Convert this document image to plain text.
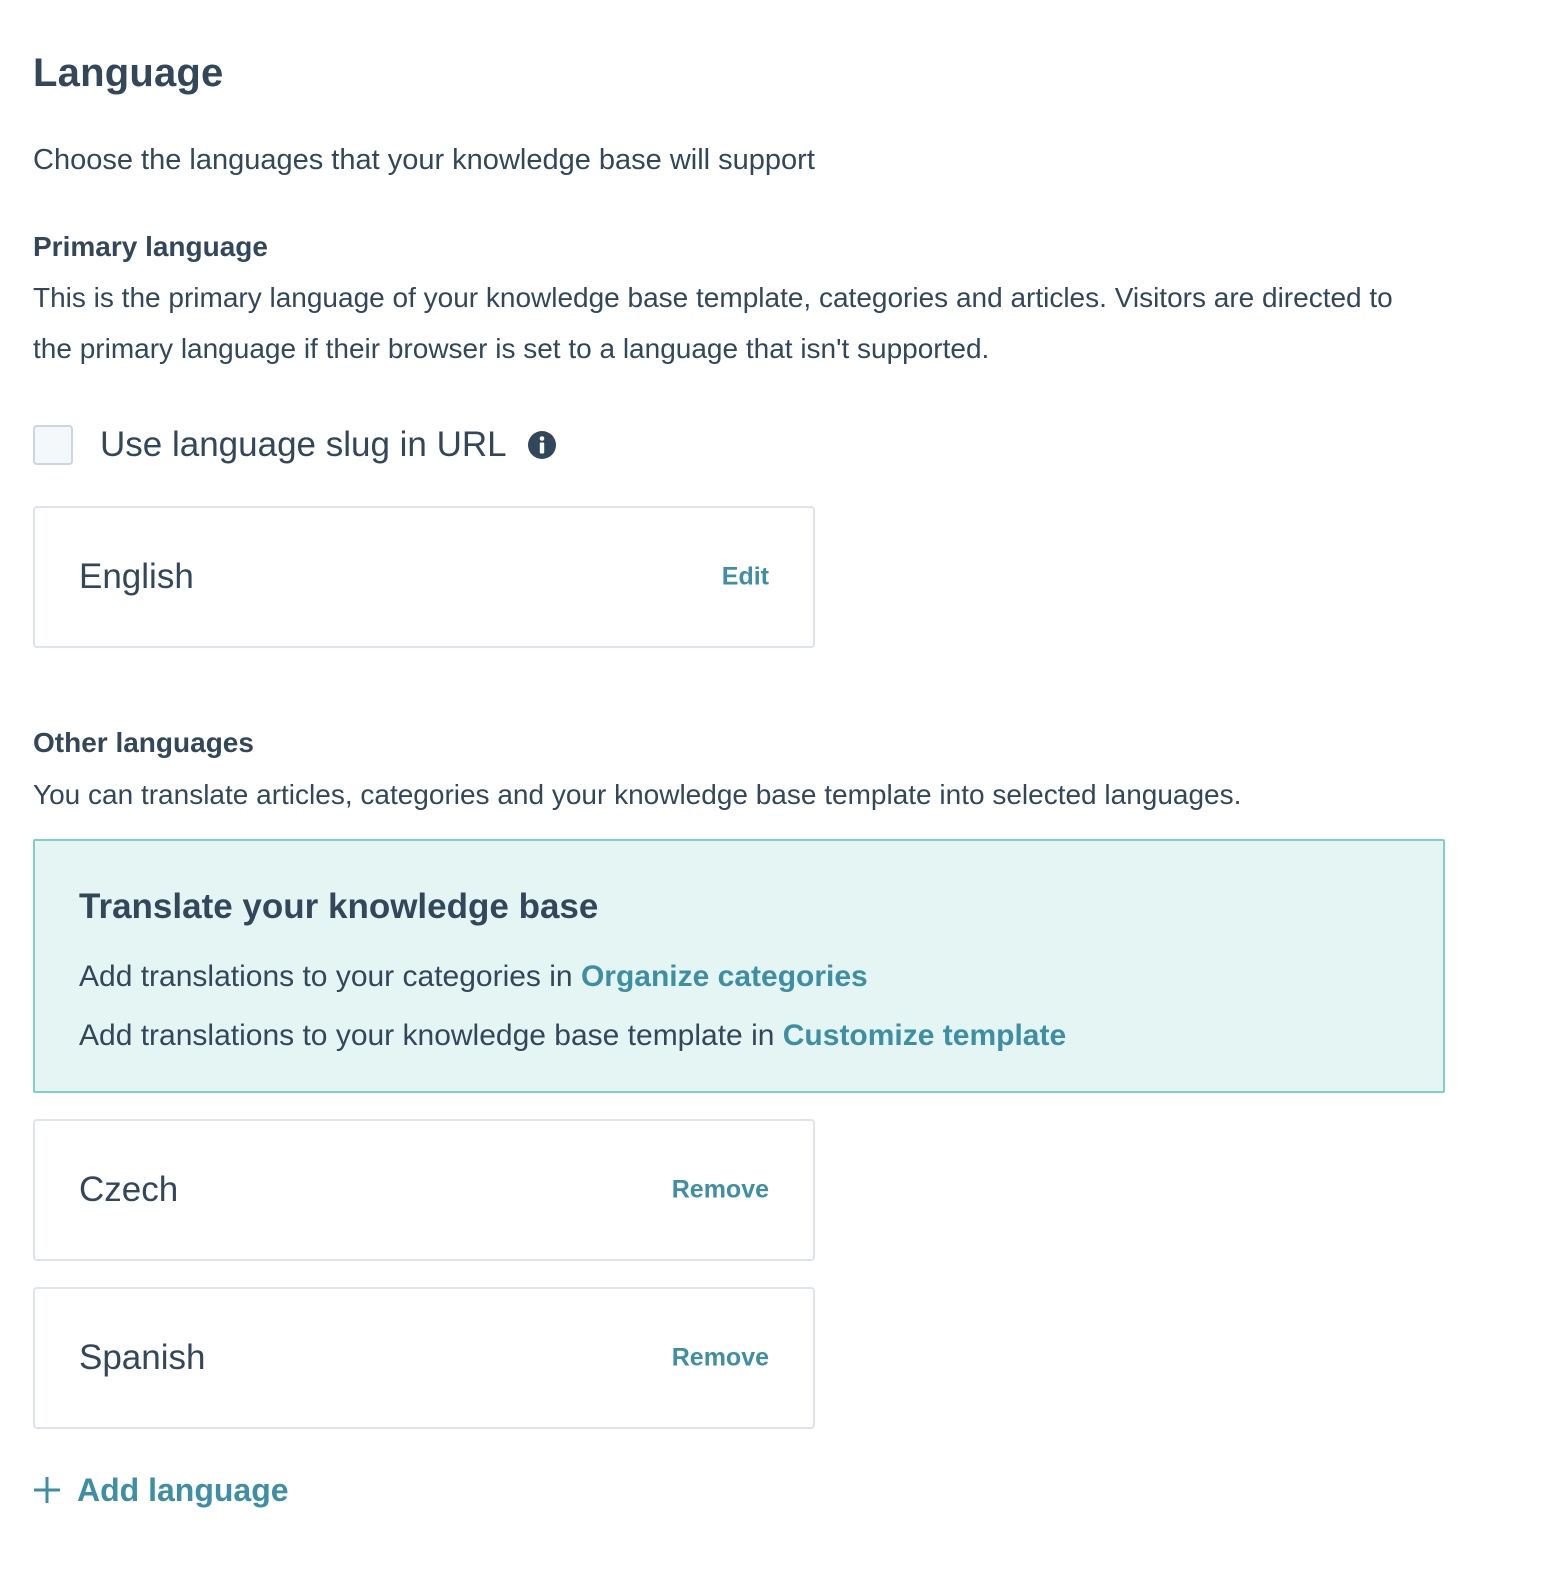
Language
Choose the languages that your knowledge base will support
Primary language
This is the primary language of your knowledge base template, categories and articles. Visitors are directed to the primary language if their browser is set to a language that isn't supported.
Use language slug in URL
English	Edit
Other languages
You can translate articles, categories and your knowledge base template into selected languages.
Translate your knowledge base
Add translations to your categories in Organize categories
Add translations to your knowledge base template in Customize template
Czech	Remove
Spanish	Remove
Add language
